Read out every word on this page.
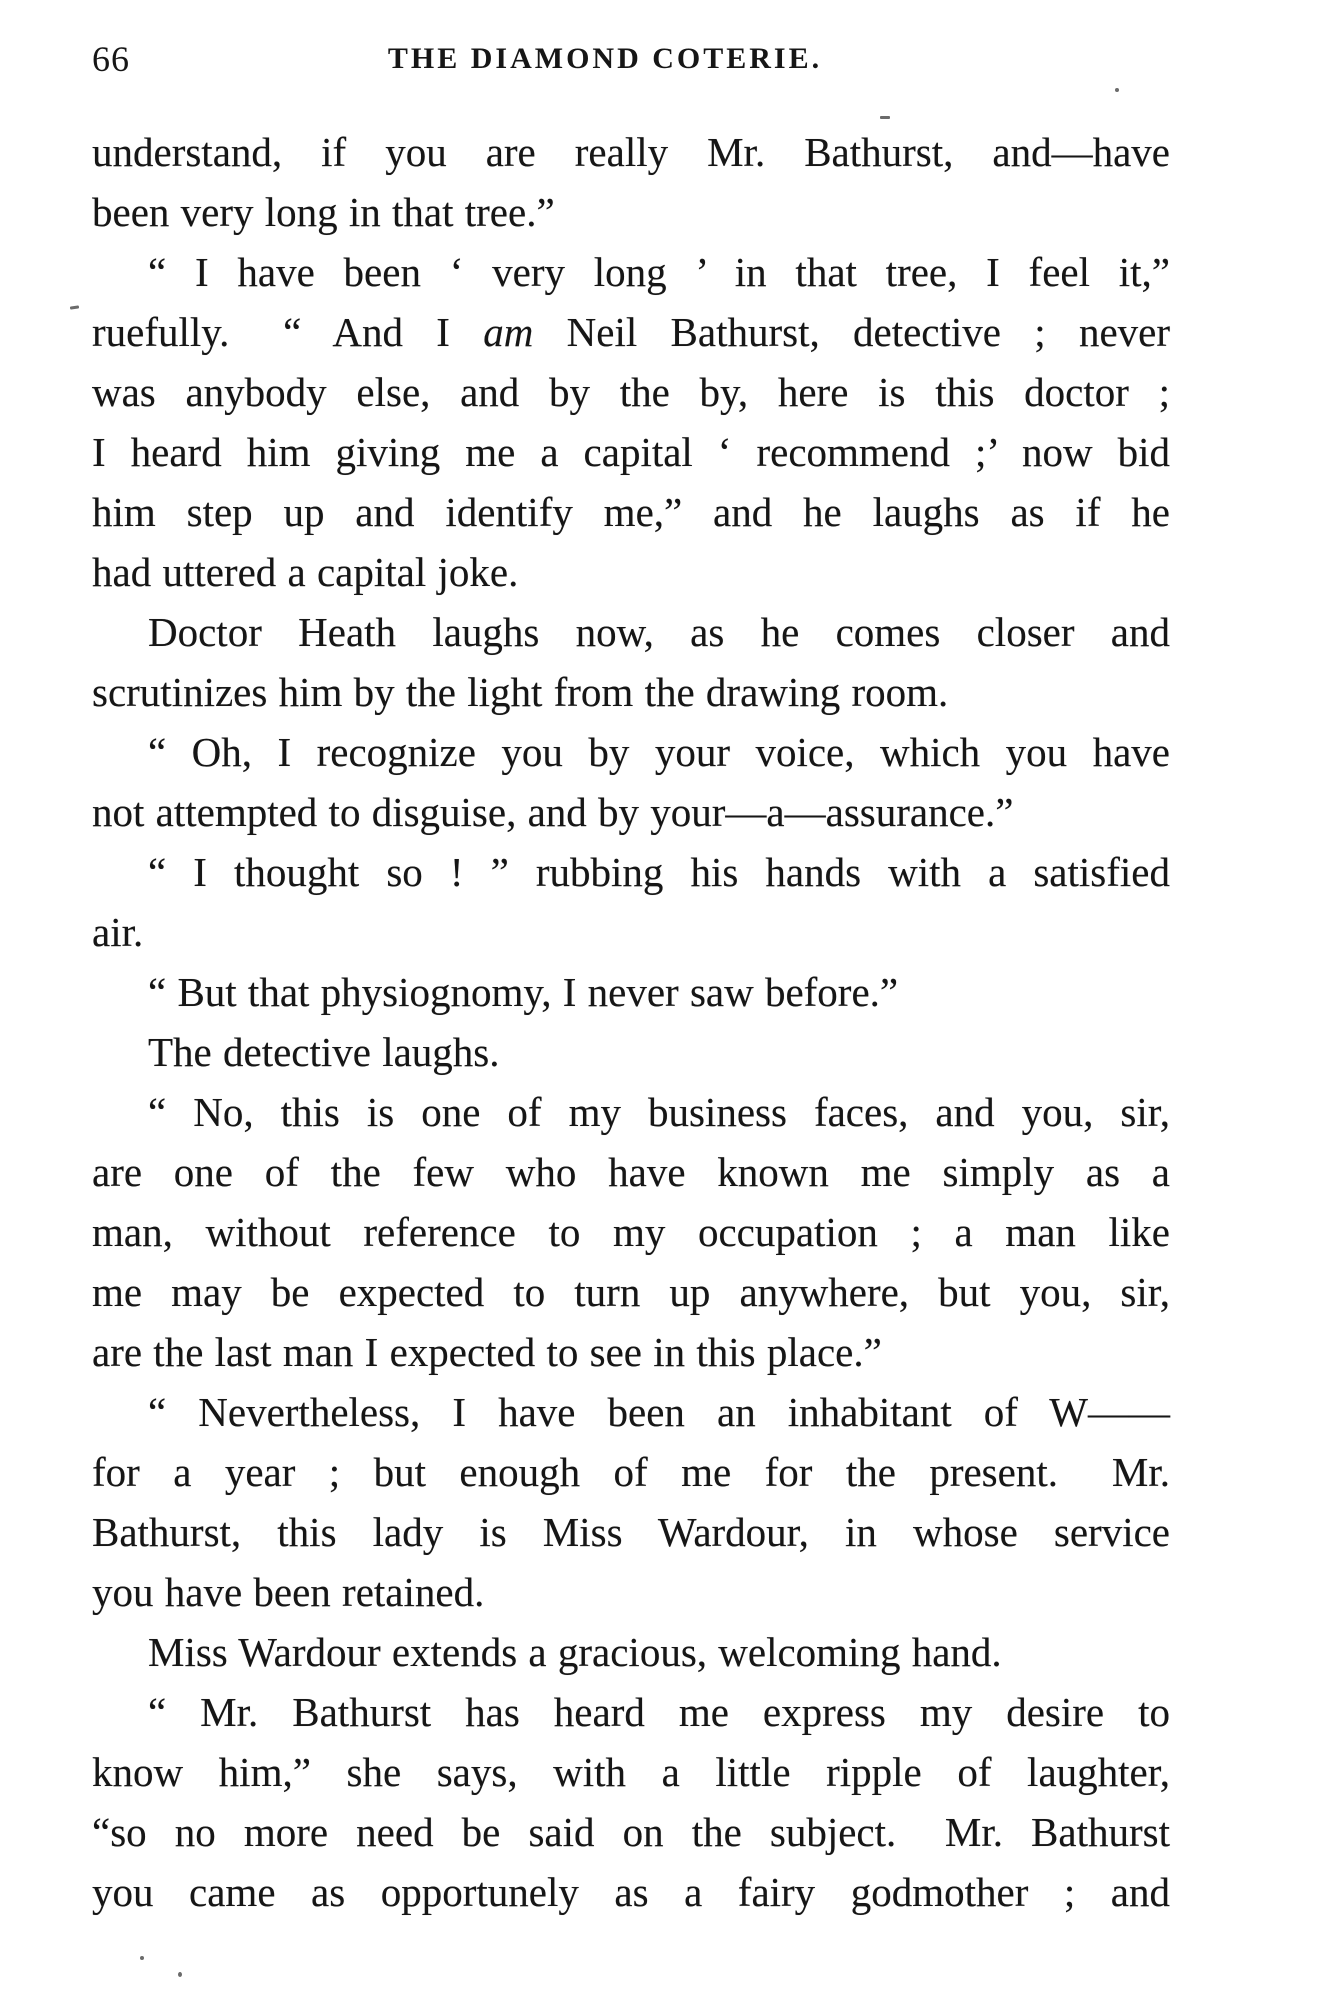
66	THE DIAMOND COTERIE.
understand, if you are really Mr. Bathurst, and—have
been very long in that tree.”
“ I have been ‘ very long ’ in that tree, I feel it,”
ruefully.  “ And I am Neil Bathurst, detective ; never
was anybody else, and by the by, here is this doctor ;
I heard him giving me a capital ‘ recommend ;’ now bid
him step up and identify me,” and he laughs as if he
had uttered a capital joke.
Doctor Heath laughs now, as he comes closer and
scrutinizes him by the light from the drawing room.
“ Oh, I recognize you by your voice, which you have
not attempted to disguise, and by your—a—assurance.”
“ I thought so ! ” rubbing his hands with a satisfied
air.
“ But that physiognomy, I never saw before.”
The detective laughs.
“ No, this is one of my business faces, and you, sir,
are one of the few who have known me simply as a
man, without reference to my occupation ; a man like
me may be expected to turn up anywhere, but you, sir,
are the last man I expected to see in this place.”
“ Nevertheless, I have been an inhabitant of W——
for a year ; but enough of me for the present.  Mr.
Bathurst, this lady is Miss Wardour, in whose service
you have been retained.
Miss Wardour extends a gracious, welcoming hand.
“ Mr. Bathurst has heard me express my desire to
know him,” she says, with a little ripple of laughter,
“so no more need be said on the subject.  Mr. Bathurst
you came as opportunely as a fairy godmother ; and
